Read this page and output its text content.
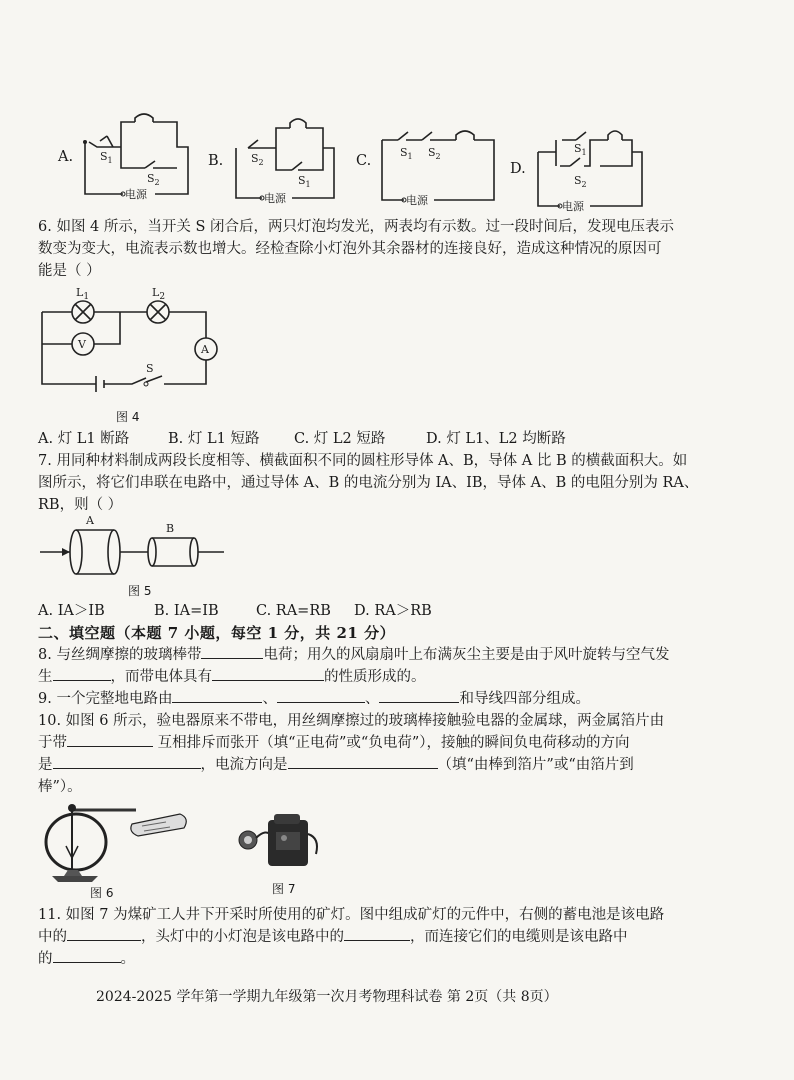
A.
电源
$S_1$
$S_2$
B.
电源
$S_2$
$S_1$
C.
电源
$S_1$ $S_2$
D.
电源
$S_1$
$S_2$
6. 如图 4 所示，当开关 S 闭合后，两只灯泡均发光，两表均有示数。过一段时间后，发现电压表示
数变为变大，电流表示数也增大。经检查除小灯泡外其余器材的连接良好，造成这种情况的原因可
能是（ ）
$L_1$	$L_2$
V	A
S
图 4
A. 灯 L1 断路	B. 灯 L1 短路 C. 灯 L2 短路	D. 灯 L1、L2 均断路
7. 用同种材料制成两段长度相等、横截面积不同的圆柱形导体 A、B，导体 A 比 B 的横截面积大。如
图所示，将它们串联在电路中，通过导体 A、B 的电流分别为 IA、IB，导体 A、B 的电阻分别为 RA、
RB，则（ ）
A
B
图 5
A. IA＞IB	B. IA=IB	C. RA=RB D. RA＞RB
二、填空题（本题 7 小题，每空 1 分，共 21 分）
8. 与丝绸摩擦的玻璃棒带	电荷；用久的风扇扇叶上布满灰尘主要是由于风叶旋转与空气发
生	，而带电体具有	的性质形成的。
9. 一个完整地电路由	、	、	和导线四部分组成。
10. 如图 6 所示，验电器原来不带电，用丝绸摩擦过的玻璃棒接触验电器的金属球，两金属箔片由
于带	互相排斥而张开（填“正电荷”或“负电荷”），接触的瞬间负电荷移动的方向
是	，电流方向是	（填“由棒到箔片”或“由箔片到
棒”）。
图 6	图 7
11. 如图 7 为煤矿工人井下开采时所使用的矿灯。图中组成矿灯的元件中，右侧的蓄电池是该电路
中的	，头灯中的小灯泡是该电路中的	，而连接它们的电缆则是该电路中
的	。
2024-2025 学年第一学期九年级第一次月考物理科试卷 第 2页（共 8页）
